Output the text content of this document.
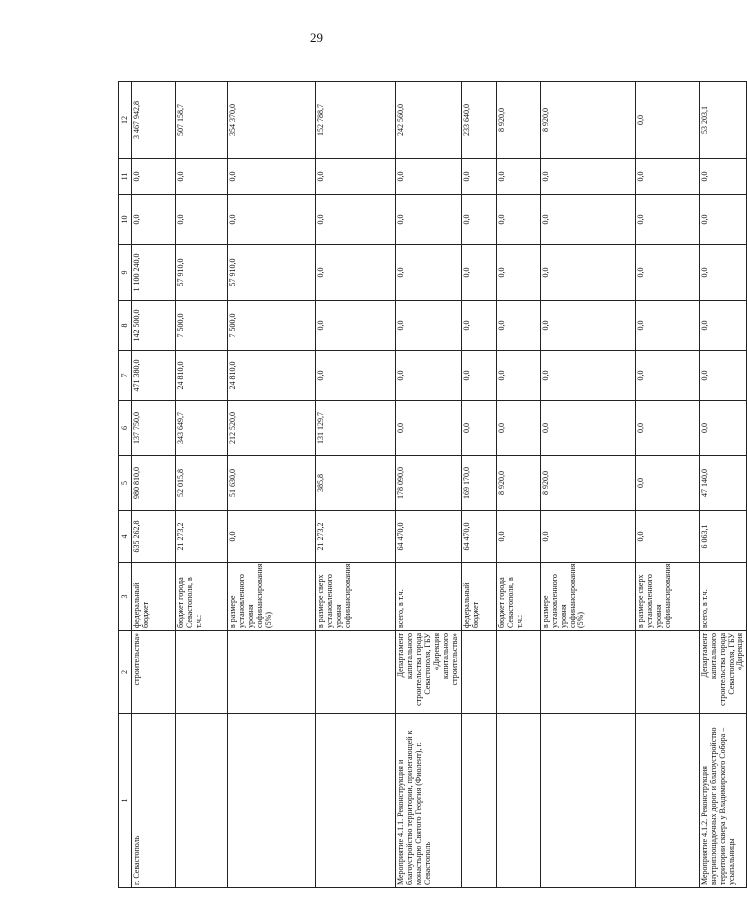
29
1	2	3	4	5	6	7	8	9	10	11	12
г. Севастополь	строительства»	федеральный бюджет	635 262,8	980 810,0	137 750,0	471 380,0	142 500,0	1 100 240,0	0,0	0,0	3 467 942,8
		бюджет города Севастополя, в т.ч.:	21 273,2	52 015,8	343 649,7	24 810,0	7 500,0	57 910,0	0,0	0,0	507 158,7
		в размере установленного уровня софинансирования (5%)	0,0	51 630,0	212 520,0	24 810,0	7 500,0	57 910,0	0,0	0,0	354 370,0
		в размере сверх установленного уровня софинансирования	21 273,2	385,8	131 129,7	0,0	0,0	0,0	0,0	0,0	152 788,7
Мероприятие 4.1.1. Реконструкция и благоустройство территории, прилегающей к монастырю Святого Георгия (Фиолент), г. Севастополь	Департамент капитального строительства города Севастополя, ГБУ «Дирекция капитального строительства»	всего, в т.ч.	64 470,0	178 090,0	0,0	0,0	0,0	0,0	0,0	0,0	242 560,0
		федеральный бюджет	64 470,0	169 170,0	0,0	0,0	0,0	0,0	0,0	0,0	233 640,0
		бюджет города Севастополя, в т.ч.:	0,0	8 920,0	0,0	0,0	0,0	0,0	0,0	0,0	8 920,0
		в размере установленного уровня софинансирования (5%)	0,0	8 920,0	0,0	0,0	0,0	0,0	0,0	0,0	8 920,0
		в размере сверх установленного уровня софинансирования	0,0	0,0	0,0	0,0	0,0	0,0	0,0	0,0	0,0
Мероприятие 4.1.2. Реконструкция внутриплощадочных дорог и благоустройство территории сквера у Владимирского Собора – усыпальницы	Департамент капитального строительства города Севастополя, ГБУ «Дирекция	всего, в т.ч.	6 063,1	47 140,0	0,0	0,0	0,0	0,0	0,0	0,0	53 203,1
